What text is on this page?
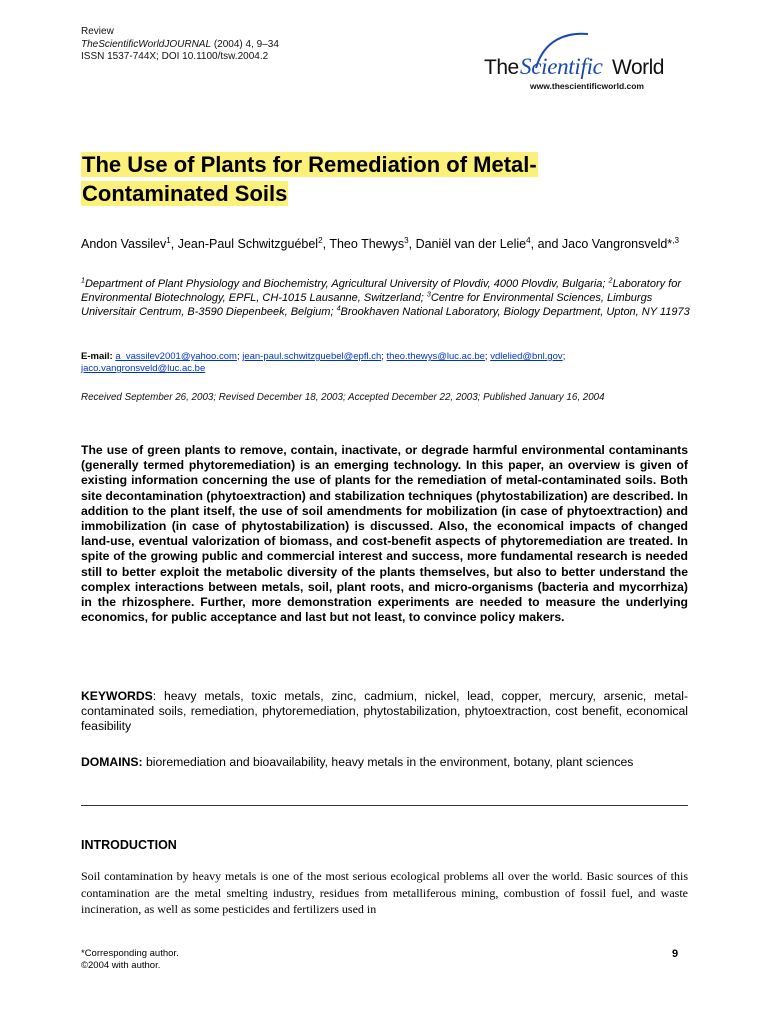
Review
TheScientificWorldJOURNAL (2004) 4, 9–34
ISSN 1537-744X; DOI 10.1100/tsw.2004.2	The Scientific World
www.thescientificworld.com
The Use of Plants for Remediation of Metal-Contaminated Soils
Andon Vassilev$^1$, Jean-Paul Schwitzguébel$^2$, Theo Thewys$^3$, Daniël van der Lelie$^4$, and Jaco Vangronsveld*$^{,3}$
$^1$Department of Plant Physiology and Biochemistry, Agricultural University of Plovdiv, 4000 Plovdiv, Bulgaria; $^2$Laboratory for Environmental Biotechnology, EPFL, CH-1015 Lausanne, Switzerland; $^3$Centre for Environmental Sciences, Limburgs Universitair Centrum, B-3590 Diepenbeek, Belgium; $^4$Brookhaven National Laboratory, Biology Department, Upton, NY 11973
E-mail: a_vassilev2001@yahoo.com; jean-paul.schwitzguebel@epfl.ch; theo.thewys@luc.ac.be; vdlelied@bnl.gov; jaco.vangronsveld@luc.ac.be
Received September 26, 2003; Revised December 18, 2003; Accepted December 22, 2003; Published January 16, 2004
The use of green plants to remove, contain, inactivate, or degrade harmful environmental contaminants (generally termed phytoremediation) is an emerging technology. In this paper, an overview is given of existing information concerning the use of plants for the remediation of metal-contaminated soils. Both site decontamination (phytoextraction) and stabilization techniques (phytostabilization) are described. In addition to the plant itself, the use of soil amendments for mobilization (in case of phytoextraction) and immobilization (in case of phytostabilization) is discussed. Also, the economical impacts of changed land-use, eventual valorization of biomass, and cost-benefit aspects of phytoremediation are treated. In spite of the growing public and commercial interest and success, more fundamental research is needed still to better exploit the metabolic diversity of the plants themselves, but also to better understand the complex interactions between metals, soil, plant roots, and micro-organisms (bacteria and mycorrhiza) in the rhizosphere. Further, more demonstration experiments are needed to measure the underlying economics, for public acceptance and last but not least, to convince policy makers.
KEYWORDS: heavy metals, toxic metals, zinc, cadmium, nickel, lead, copper, mercury, arsenic, metal-contaminated soils, remediation, phytoremediation, phytostabilization, phytoextraction, cost benefit, economical feasibility
DOMAINS: bioremediation and bioavailability, heavy metals in the environment, botany, plant sciences
INTRODUCTION
Soil contamination by heavy metals is one of the most serious ecological problems all over the world. Basic sources of this contamination are the metal smelting industry, residues from metalliferous mining, combustion of fossil fuel, and waste incineration, as well as some pesticides and fertilizers used in
*Corresponding author.
©2004 with author.
9
